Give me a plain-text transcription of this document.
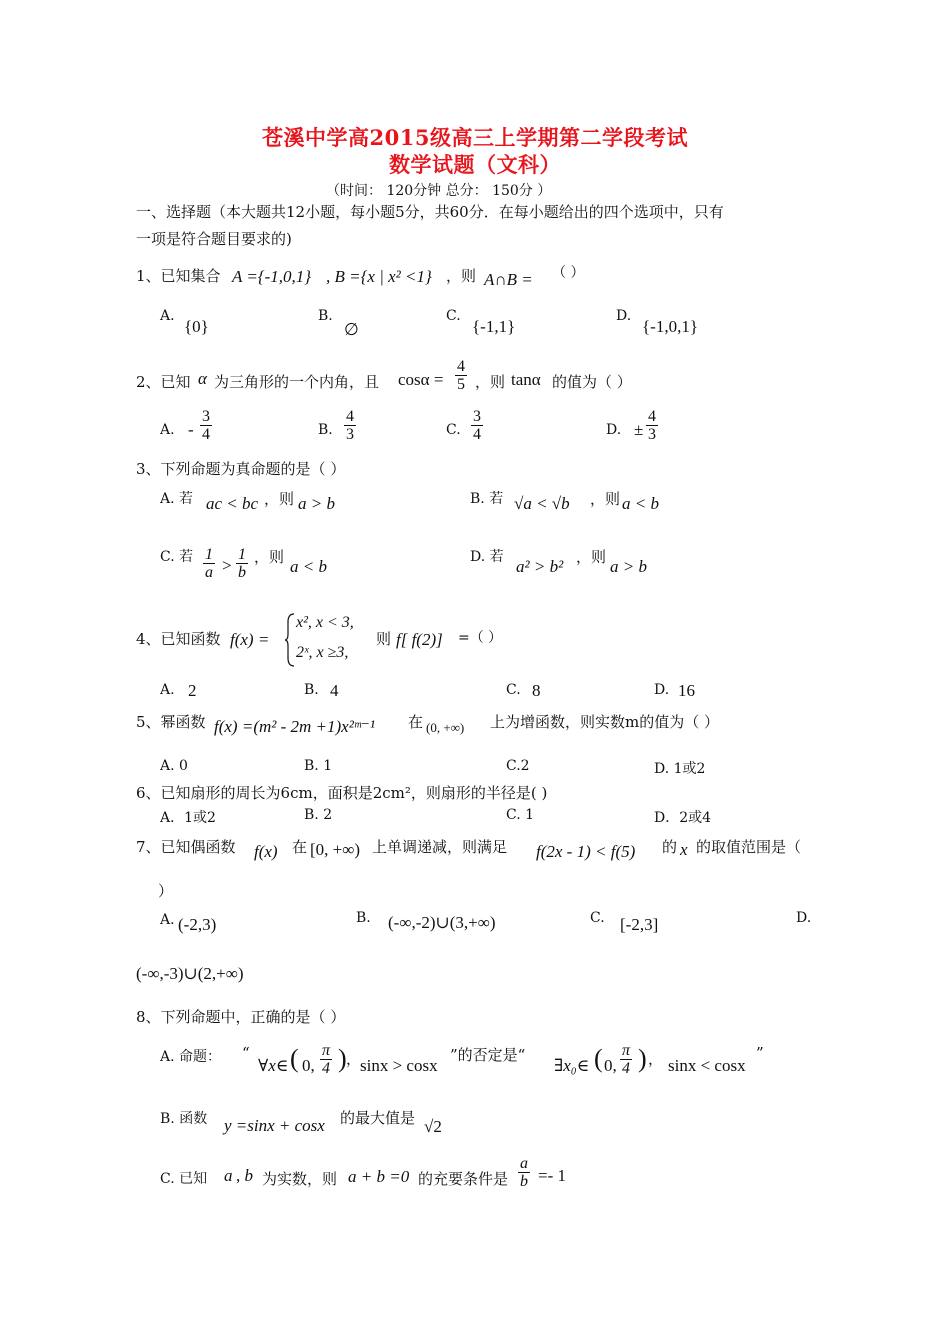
苍溪中学高2015级高三上学期第二学段考试
数学试题（文科）
（时间： 120分钟 总分： 150分 ）
一、选择题（本大题共12小题，每小题5分，共60分．在每小题给出的四个选项中，只有
一项是符合题目要求的)
1、已知集合 A ={-1,0,1} , B ={x | x² <1} ，则 A∩B = （ ）
A.
{0}
B.
∅
C.
{-1,1}
D.
{-1,0,1}
2、已知 α 为三角形的一个内角，且 $\cos\alpha = \frac{4}{5}$ ，则 tanα 的值为（ ）
A. - $\frac{3}{4}$	B. $\frac{4}{3}$	C. $\frac{3}{4}$	D. ± $\frac{4}{3}$
3、下列命题为真命题的是（ ）
A. 若 ac < bc ，则 a > b	B. 若 √a < √b ，则 a < b
C. 若 $\frac{1}{a} > \frac{1}{b}$ ，则 a < b	D. 若 a² > b² ，则 a > b
4、已知函数 f(x) =
x², x < 3,
2ˣ, x ≥3,
则 f[ f(2)] =（ ）
A. 2	B. 4	C. 8	D. 16
5、幂函数 f(x) =(m² - 2m +1)x²ᵐ⁻¹ 在 (0, +∞) 上为增函数，则实数m的值为（ ）
A. 0	B. 1	C.2	D. 1或2
6、已知扇形的周长为6cm，面积是2cm²，则扇形的半径是( )
A．1或2	B. 2	C. 1	D．2或4
7、已知偶函数 f(x) 在 [0, +∞) 上单调递减，则满足 f(2x - 1) < f(5) 的 x 的取值范围是（
）
A. (-2,3)	B. (-∞,-2)∪(3,+∞)	C. [-2,3]	D.
(-∞,-3)∪(2,+∞)
8、下列命题中，正确的是（ ）
A. 命题： “
∀x∈ ( 0, $\frac{\pi}{4}$ ) ，
sinx > cosx
”的否定是“
∃x₀∈ ( 0, $\frac{\pi}{4}$ ) ， sinx < cosx
”
B. 函数 y =sinx + cosx 的最大值是 √2
C. 已知 a , b 为实数，则 a + b =0 的充要条件是 $\frac{a}{b} =- 1$
